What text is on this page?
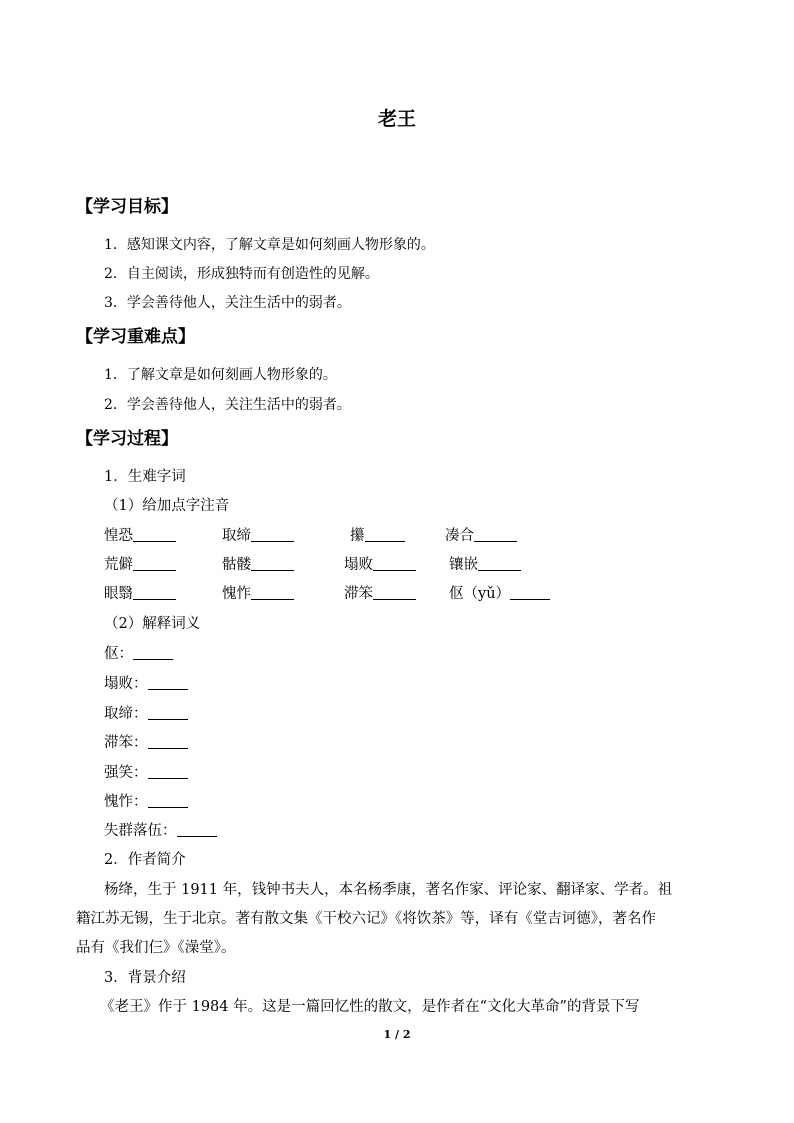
老王
【学习目标】
1．感知课文内容，了解文章是如何刻画人物形象的。
2．自主阅读，形成独特而有创造性的见解。
3．学会善待他人，关注生活中的弱者。
【学习重难点】
1．了解文章是如何刻画人物形象的。
2．学会善待他人，关注生活中的弱者。
【学习过程】
1．生难字词
（1）给加点字注音
惶恐	取缔	攥	凑合
荒僻	骷髅	塌败	镶嵌
眼翳	愧怍	滞笨	伛（yǔ）
（2）解释词义
伛：
塌败：
取缔：
滞笨：
强笑：
愧怍：
失群落伍：
2．作者简介
杨绛，生于 1911 年，钱钟书夫人，本名杨季康，著名作家、评论家、翻译家、学者。祖
籍江苏无锡，生于北京。著有散文集《干校六记》《将饮茶》等，译有《堂吉诃德》，著名作
品有《我们仨》《澡堂》。
3．背景介绍
《老王》作于 1984 年。这是一篇回忆性的散文，是作者在“文化大革命”的背景下写
1 / 2
